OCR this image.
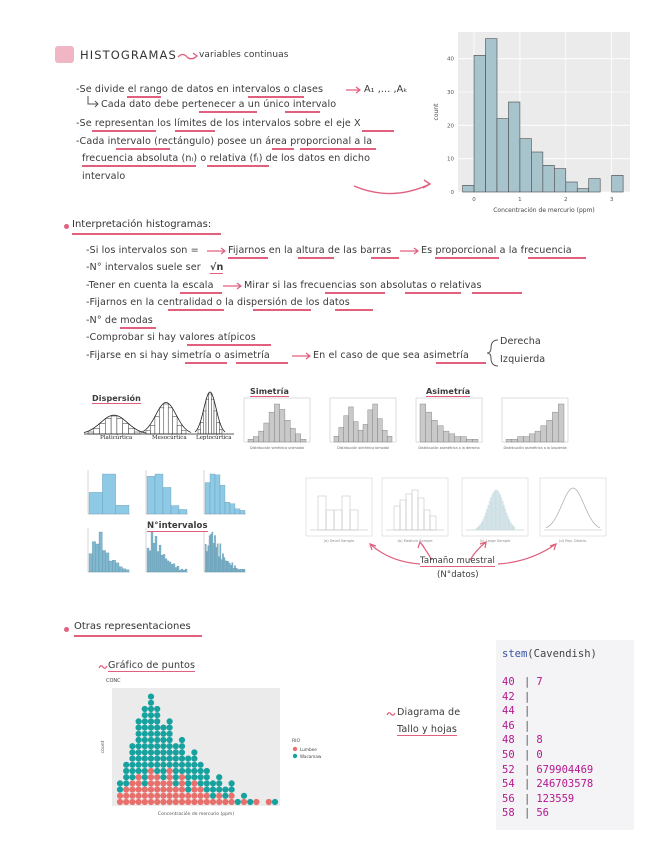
HISTOGRAMAS variables continuas
-Se divide el rango de datos en intervalos o clases	A₁ ,... ,Aₖ
Cada dato debe pertenecer a un único intervalo
-Se representan los límites de los intervalos sobre el eje X
-Cada intervalo (rectángulo) posee un área proporcional a la
frecuencia absoluta (nᵢ) o relativa (fᵢ) de los datos en dicho
intervalo
0
10
20
30
40
0	1	2	3
count
Concentración de mercurio (ppm)
Interpretación histogramas:
-Si los intervalos son =	Fijarnos en la altura de las barras	Es proporcional a la frecuencia
-N° intervalos suele ser √n
-Tener en cuenta la escala	Mirar si las frecuencias son absolutas o relativas
-Fijarnos en la centralidad o la dispersión de los datos
-N° de modas
-Comprobar si hay valores atípicos
-Fijarse en si hay simetría o asimetría	En el caso de que sea asimetría
Derecha
Izquierda
Dispersión
Platicúrtica	Mesocúrtica Leptocúrtica
Simetría	Asimetría
Distribución simétrica unimodal	Distribución simétrica bimodal	Distribución asimétrica a la derecha	Distribución asimétrica a la izquierda
N°intervalos
(a) Small Sample	(b) Medium Sample	(c) Large Sample	(d) Pop. Distrib.
Tamaño muestral
(N°datos)
Otras representaciones
Gráfico de puntos
CONC
count
Concentración de mercurio (ppm)
RIO
Lumbee
Wacamaw
Diagrama de
Tallo y hojas
stem(Cavendish)
40 | 7
42 |
44 |
46 |
48 | 8
50 | 0
52 | 679904469
54 | 246703578
56 | 123559
58 | 56
